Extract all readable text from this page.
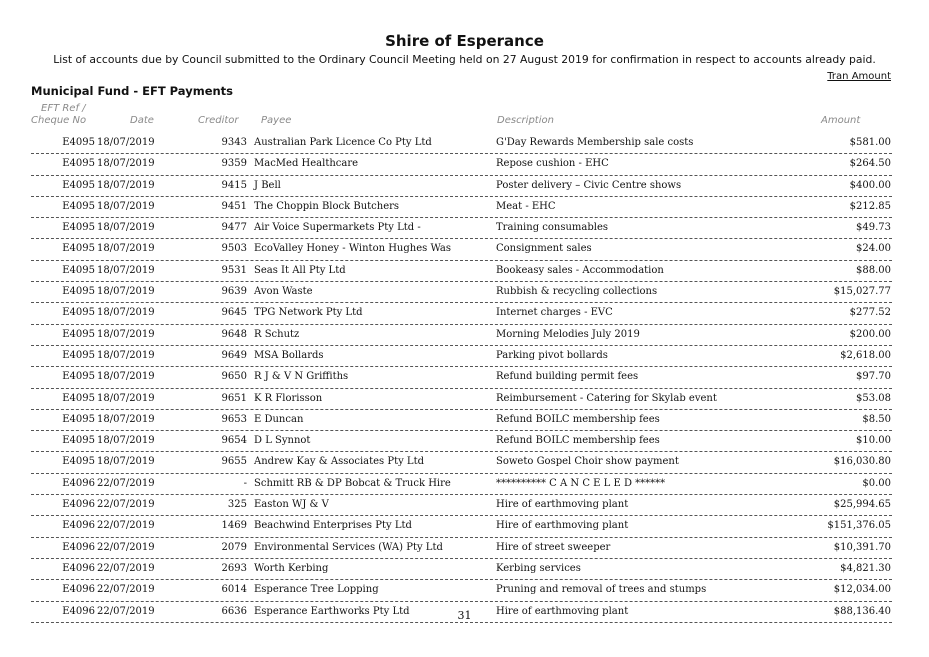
Shire of Esperance
List of accounts due by Council submitted to the Ordinary Council Meeting held on 27 August 2019 for confirmation in respect to accounts already paid.
Tran Amount
Municipal Fund - EFT Payments
EFT Ref /
Cheque No	Date	Creditor Payee	Description	Amount
E4095 18/07/2019	9343 Australian Park Licence Co Pty Ltd	G'Day Rewards Membership sale costs	$581.00
E4095 18/07/2019	9359 MacMed Healthcare	Repose cushion - EHC	$264.50
E4095 18/07/2019	9415 J Bell	Poster delivery – Civic Centre shows	$400.00
E4095 18/07/2019	9451 The Choppin Block Butchers	Meat - EHC	$212.85
E4095 18/07/2019	9477 Air Voice Supermarkets Pty Ltd -	Training consumables	$49.73
E4095 18/07/2019	9503 EcoValley Honey - Winton Hughes Was	Consignment sales	$24.00
E4095 18/07/2019	9531 Seas It All Pty Ltd	Bookeasy sales - Accommodation	$88.00
E4095 18/07/2019	9639 Avon Waste	Rubbish & recycling collections	$15,027.77
E4095 18/07/2019	9645 TPG Network Pty Ltd	Internet charges - EVC	$277.52
E4095 18/07/2019	9648 R Schutz	Morning Melodies July 2019	$200.00
E4095 18/07/2019	9649 MSA Bollards	Parking pivot bollards	$2,618.00
E4095 18/07/2019	9650 R J & V N Griffiths	Refund building permit fees	$97.70
E4095 18/07/2019	9651 K R Florisson	Reimbursement - Catering for Skylab event	$53.08
E4095 18/07/2019	9653 E Duncan	Refund BOILC membership fees	$8.50
E4095 18/07/2019	9654 D L Synnot	Refund BOILC membership fees	$10.00
E4095 18/07/2019	9655 Andrew Kay & Associates Pty Ltd	Soweto Gospel Choir show payment	$16,030.80
E4096 22/07/2019	- Schmitt RB & DP Bobcat & Truck Hire	********** C A N C E L E D ******	$0.00
E4096 22/07/2019	325 Easton WJ & V	Hire of earthmoving plant	$25,994.65
E4096 22/07/2019	1469 Beachwind Enterprises Pty Ltd	Hire of earthmoving plant	$151,376.05
E4096 22/07/2019	2079 Environmental Services (WA) Pty Ltd	Hire of street sweeper	$10,391.70
E4096 22/07/2019	2693 Worth Kerbing	Kerbing services	$4,821.30
E4096 22/07/2019	6014 Esperance Tree Lopping	Pruning and removal of trees and stumps	$12,034.00
E4096 22/07/2019	6636 Esperance Earthworks Pty Ltd	Hire of earthmoving plant	$88,136.40
31
